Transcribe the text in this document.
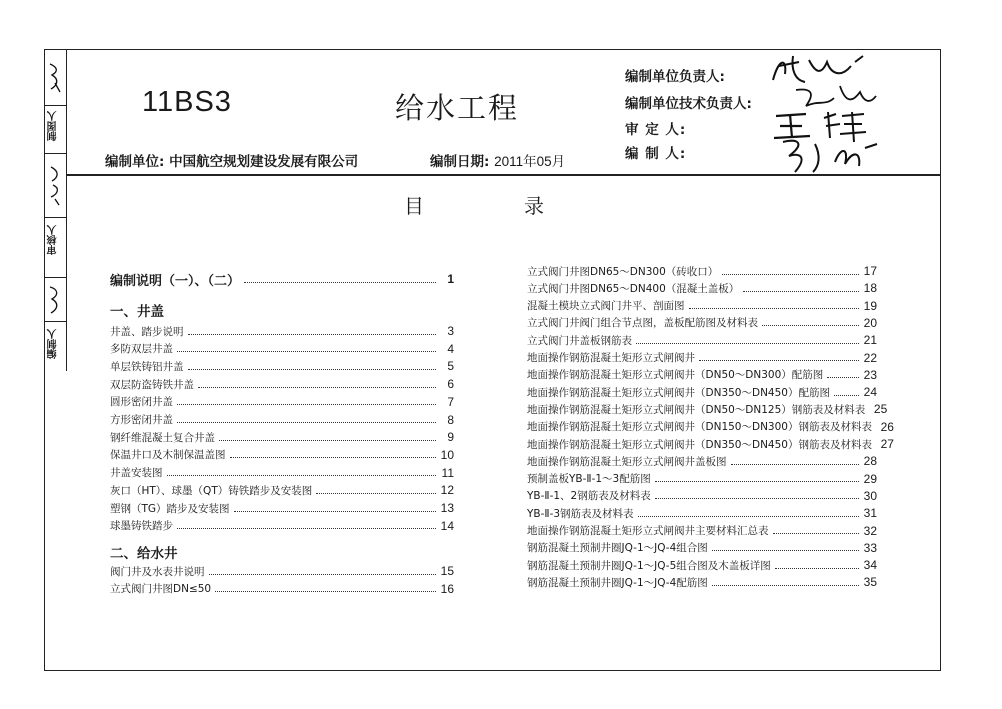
制图人
审核人
编制人
11BS3	给水工程
编制单位: 中国航空规划建设发展有限公司	编制日期: 2011年05月
编制单位负责人:
编制单位技术负责人:
审 定 人:
编 制 人:
目　　　　　录
编制说明（一）、（二）	1
一、井盖
井盖、踏步说明	3
多防双层井盖	4
单层铁铸铝井盖	5
双层防盗铸铁井盖	6
圆形密闭井盖	7
方形密闭井盖	8
钢纤维混凝土复合井盖	9
保温井口及木制保温盖图	10
井盖安装图	11
灰口（HT）、球墨（QT）铸铁踏步及安装图	12
塑钢（TG）踏步及安装图	13
球墨铸铁踏步	14
二、给水井
阀门井及水表井说明	15
立式阀门井图DN≤50	16
立式阀门井图DN65～DN300（砖收口）	17
立式阀门井图DN65～DN400（混凝土盖板）	18
混凝土模块立式阀门井平、剖面图	19
立式阀门井阀门组合节点图，盖板配筋图及材料表	20
立式阀门井盖板钢筋表	21
地面操作钢筋混凝土矩形立式闸阀井	22
地面操作钢筋混凝土矩形立式闸阀井（DN50～DN300）配筋图	23
地面操作钢筋混凝土矩形立式闸阀井（DN350～DN450）配筋图	24
地面操作钢筋混凝土矩形立式闸阀井（DN50～DN125）钢筋表及材料表 25
地面操作钢筋混凝土矩形立式闸阀井（DN150～DN300）钢筋表及材料表 26
地面操作钢筋混凝土矩形立式闸阀井（DN350～DN450）钢筋表及材料表 27
地面操作钢筋混凝土矩形立式闸阀井盖板图	28
预制盖板YB-Ⅱ-1～3配筋图	29
YB-Ⅱ-1、2钢筋表及材料表	30
YB-Ⅱ-3钢筋表及材料表	31
地面操作钢筋混凝土矩形立式闸阀井主要材料汇总表	32
钢筋混凝土预制井圈JQ-1～JQ-4组合图	33
钢筋混凝土预制井圈JQ-1～JQ-5组合图及木盖板详图	34
钢筋混凝土预制井圈JQ-1～JQ-4配筋图	35
